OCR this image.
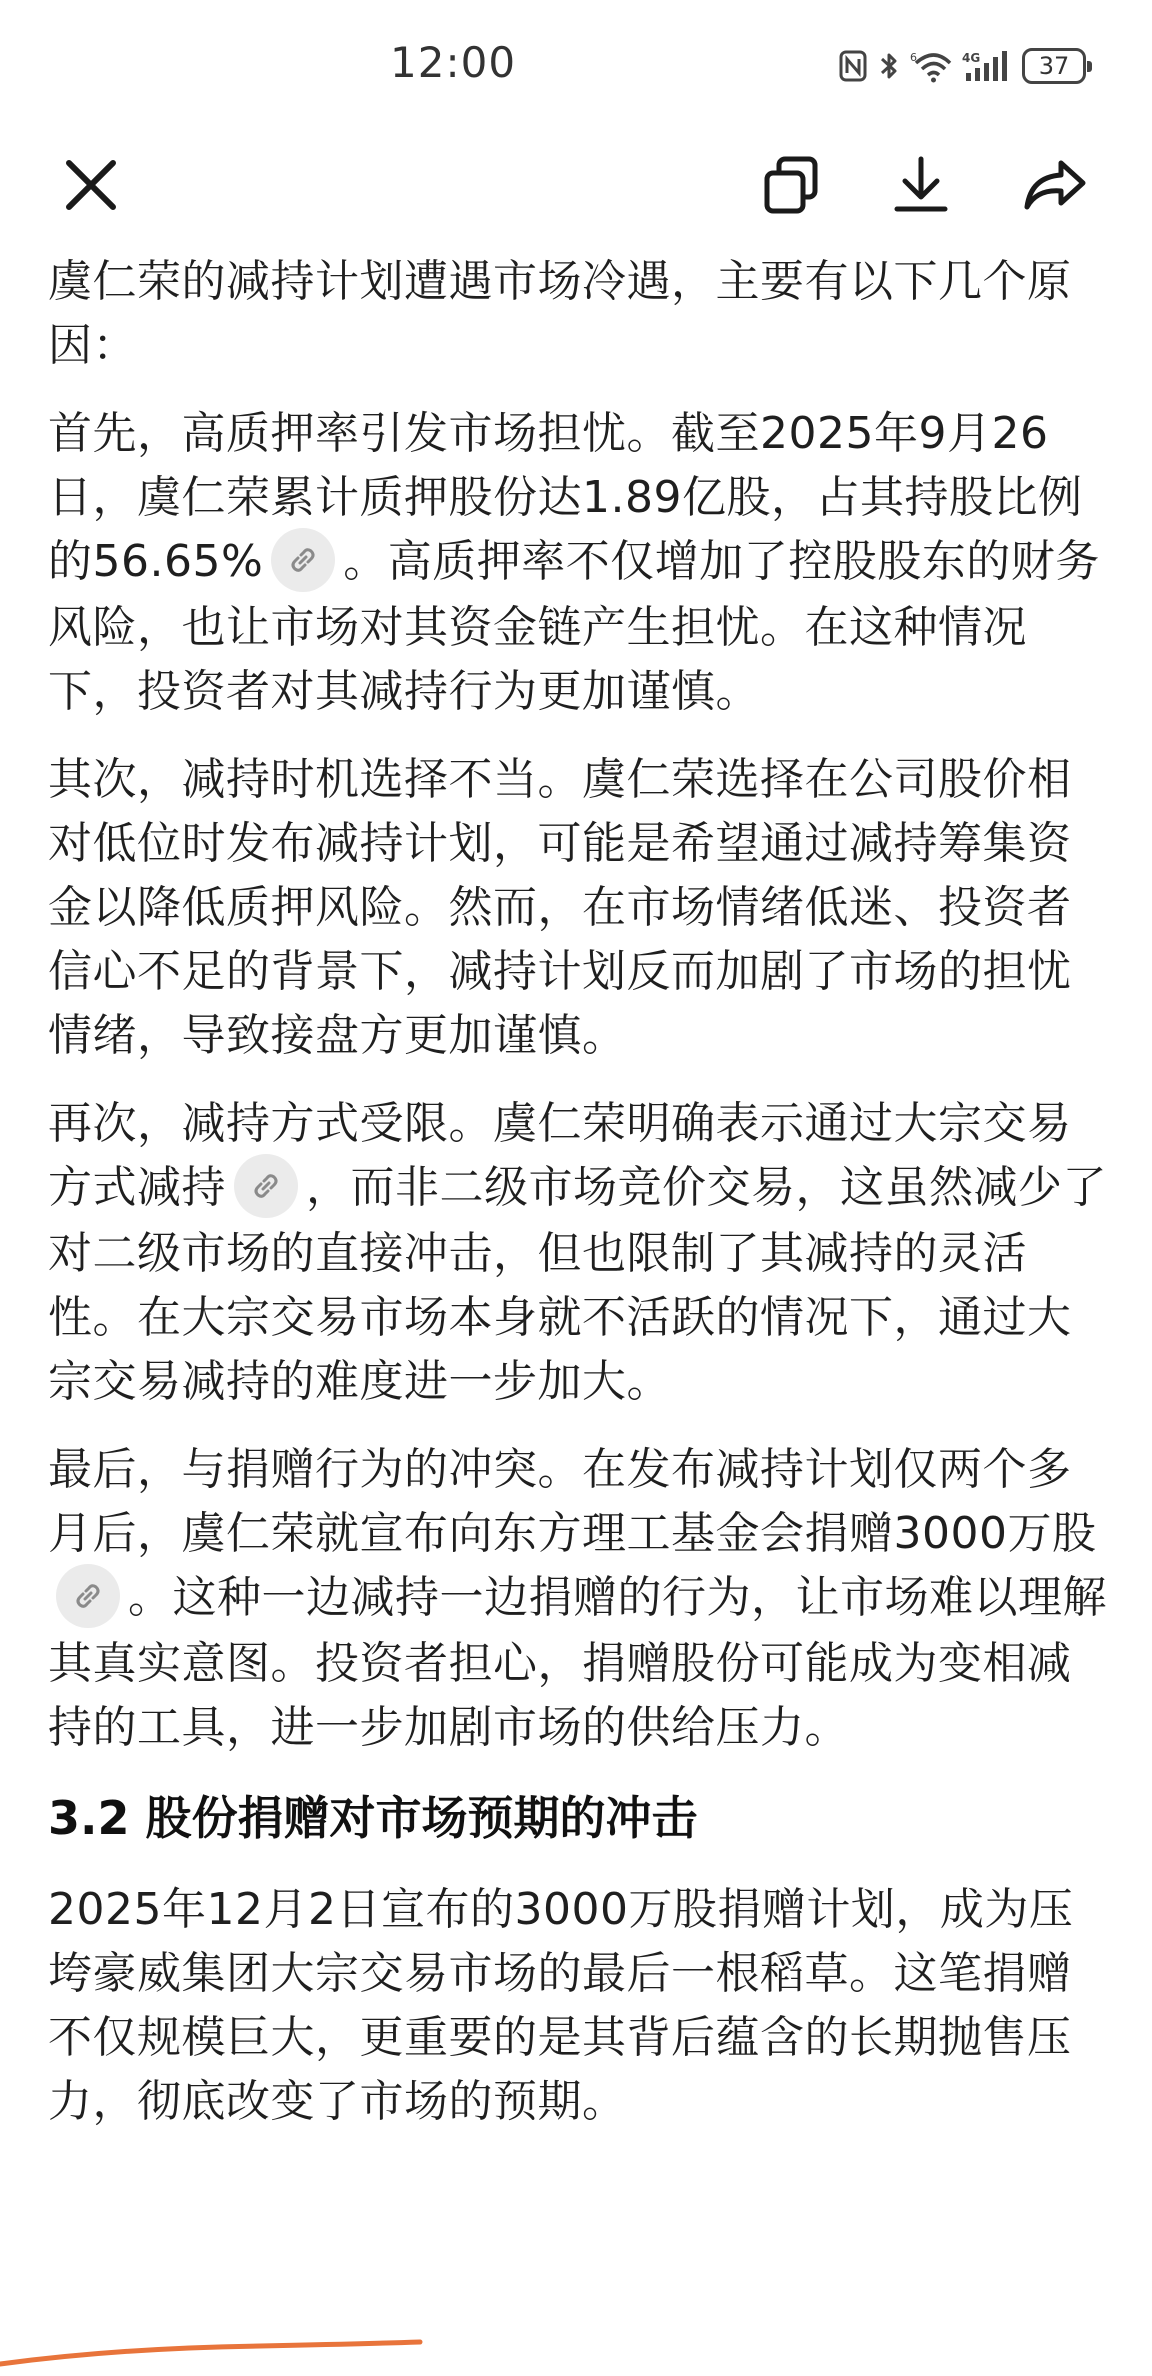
12:00	6	4G 37

虞仁荣的减持计划遭遇市场冷遇，主要有以下几个原因：

首先，高质押率引发市场担忧。截至2025年9月26日，虞仁荣累计质押股份达1.89亿股，占其持股比例的56.65% 。高质押率不仅增加了控股股东的财务风险，也让市场对其资金链产生担忧。在这种情况下，投资者对其减持行为更加谨慎。

其次，减持时机选择不当。虞仁荣选择在公司股价相对低位时发布减持计划，可能是希望通过减持筹集资金以降低质押风险。然而，在市场情绪低迷、投资者信心不足的背景下，减持计划反而加剧了市场的担忧情绪，导致接盘方更加谨慎。

再次，减持方式受限。虞仁荣明确表示通过大宗交易方式减持 ，而非二级市场竞价交易，这虽然减少了对二级市场的直接冲击，但也限制了其减持的灵活性。在大宗交易市场本身就不活跃的情况下，通过大宗交易减持的难度进一步加大。

最后，与捐赠行为的冲突。在发布减持计划仅两个多月后，虞仁荣就宣布向东方理工基金会捐赠3000万股
。这种一边减持一边捐赠的行为，让市场难以理解其真实意图。投资者担心，捐赠股份可能成为变相减持的工具，进一步加剧市场的供给压力。

3.2 股份捐赠对市场预期的冲击

2025年12月2日宣布的3000万股捐赠计划，成为压垮豪威集团大宗交易市场的最后一根稻草。这笔捐赠不仅规模巨大，更重要的是其背后蕴含的长期抛售压力，彻底改变了市场的预期。
